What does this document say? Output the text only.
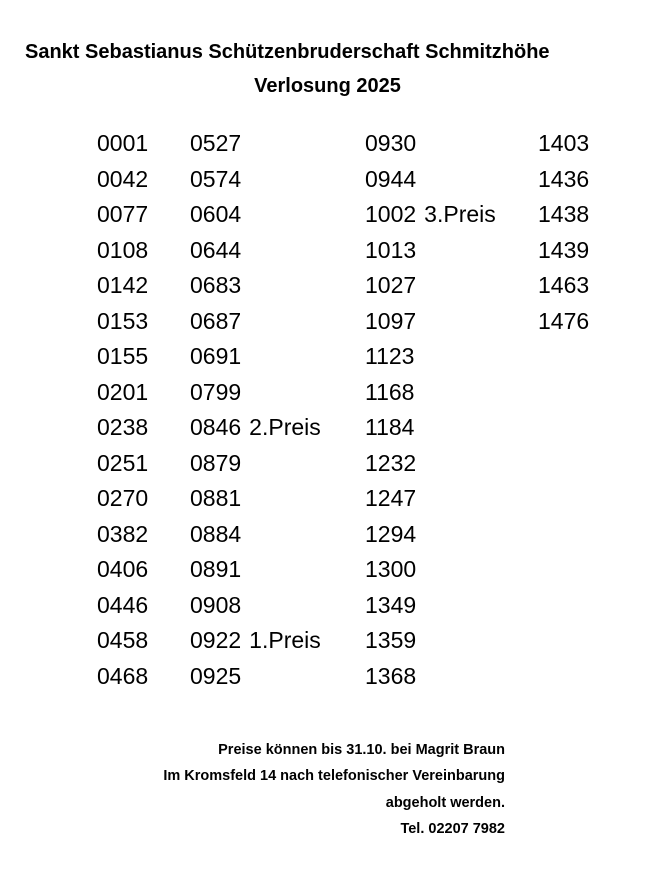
Sankt Sebastianus Schützenbruderschaft Schmitzhöhe
Verlosung 2025
0001
0042
0077
0108
0142
0153
0155
0201
0238
0251
0270
0382
0406
0446
0458
0468
0527
0574
0604
0644
0683
0687
0691
0799
0846 2.Preis
0879
0881
0884
0891
0908
0922 1.Preis
0925
0930
0944
1002 3.Preis
1013
1027
1097
1123
1168
1184
1232
1247
1294
1300
1349
1359
1368
1403
1436
1438
1439
1463
1476
Preise können bis 31.10. bei Magrit Braun
Im Kromsfeld 14 nach telefonischer Vereinbarung
abgeholt werden.
Tel. 02207 7982
